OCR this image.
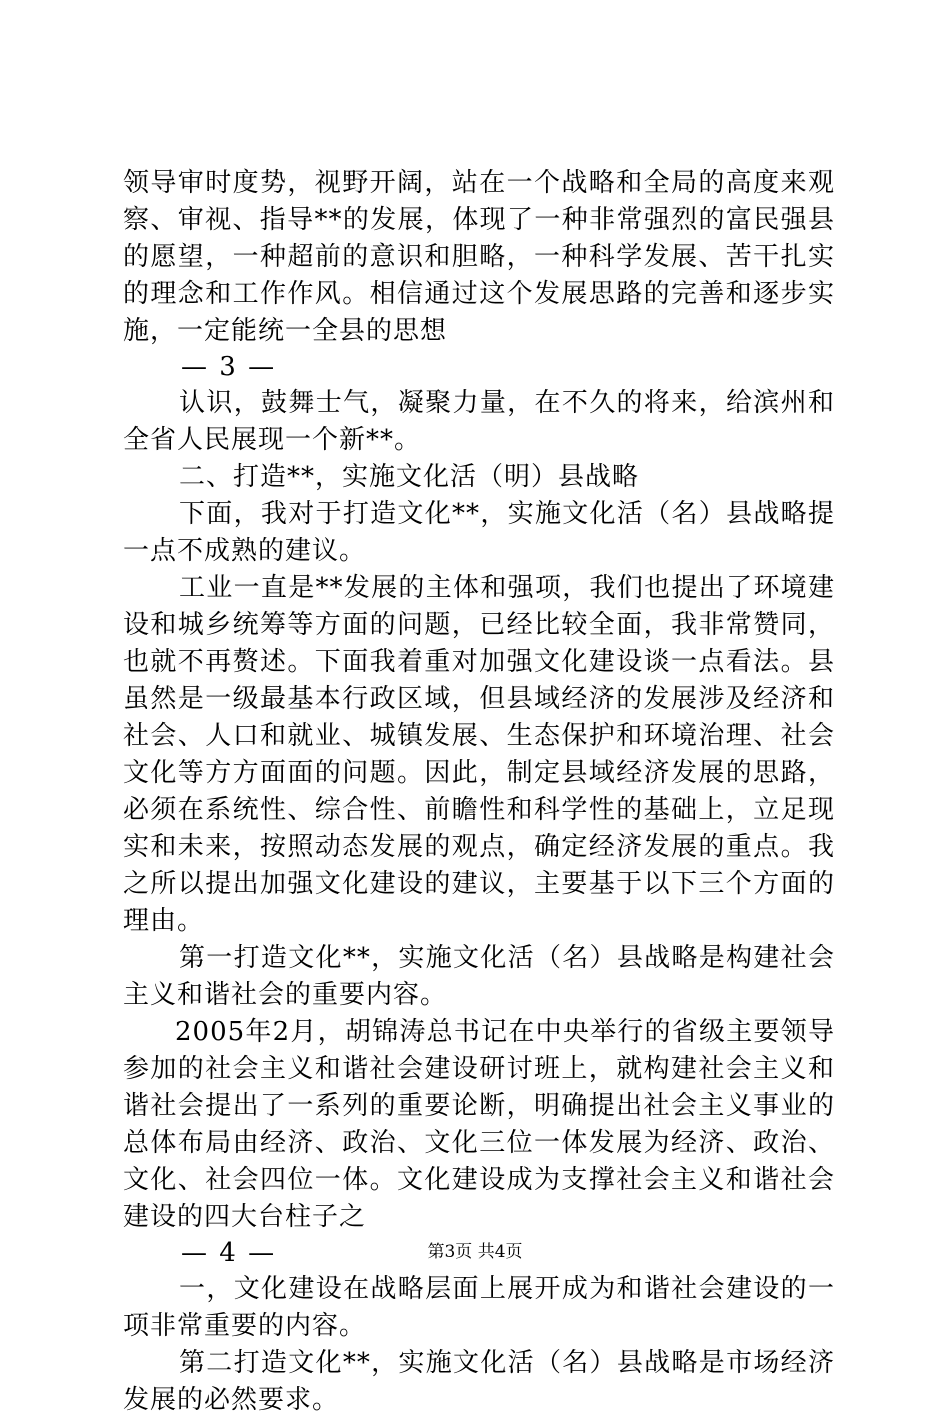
领导审时度势，视野开阔，站在一个战略和全局的高度来观察、审视、指导**的发展，体现了一种非常强烈的富民强县的愿望，一种超前的意识和胆略，一种科学发展、苦干扎实的理念和工作作风。相信通过这个发展思路的完善和逐步实施，一定能统一全县的思想

— 3 —

认识，鼓舞士气，凝聚力量，在不久的将来，给滨州和全省人民展现一个新**。

二、打造**，实施文化活（明）县战略

下面，我对于打造文化**，实施文化活（名）县战略提一点不成熟的建议。

工业一直是**发展的主体和强项，我们也提出了环境建设和城乡统筹等方面的问题，已经比较全面，我非常赞同，也就不再赘述。下面我着重对加强文化建设谈一点看法。县虽然是一级最基本行政区域，但县域经济的发展涉及经济和社会、人口和就业、城镇发展、生态保护和环境治理、社会文化等方方面面的问题。因此，制定县域经济发展的思路，必须在系统性、综合性、前瞻性和科学性的基础上，立足现实和未来，按照动态发展的观点，确定经济发展的重点。我之所以提出加强文化建设的建议，主要基于以下三个方面的理由。

第一打造文化**，实施文化活（名）县战略是构建社会主义和谐社会的重要内容。

2005年2月，胡锦涛总书记在中央举行的省级主要领导参加的社会主义和谐社会建设研讨班上，就构建社会主义和谐社会提出了一系列的重要论断，明确提出社会主义事业的总体布局由经济、政治、文化三位一体发展为经济、政治、文化、社会四位一体。文化建设成为支撑社会主义和谐社会建设的四大台柱子之

— 4 —

一，文化建设在战略层面上展开成为和谐社会建设的一项非常重要的内容。

第二打造文化**，实施文化活（名）县战略是市场经济发展的必然要求。

第3页 共4页
